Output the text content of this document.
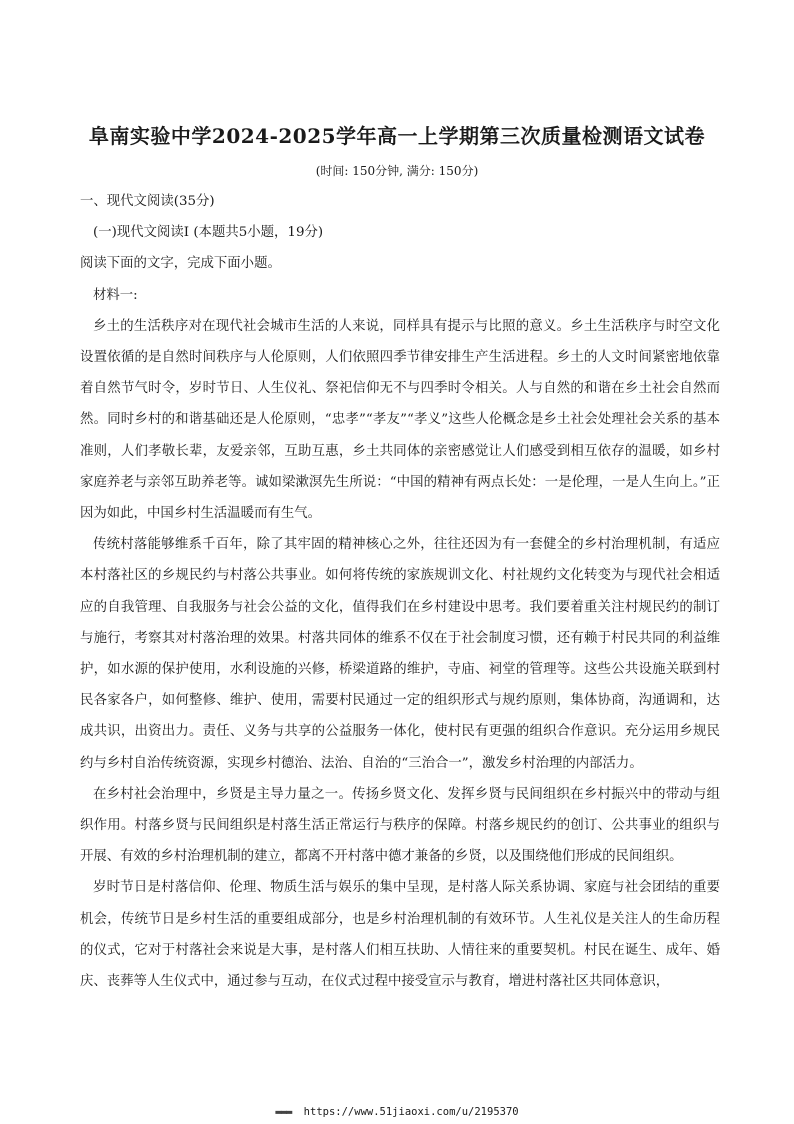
阜南实验中学2024-2025学年高一上学期第三次质量检测语文试卷
(时间: 150分钟, 满分: 150分)

一、现代文阅读(35分)

(一)现代文阅读Ⅰ (本题共5小题，19分)

阅读下面的文字，完成下面小题。

材料一:

乡土的生活秩序对在现代社会城市生活的人来说，同样具有提示与比照的意义。乡土生活秩序与时空文化设置依循的是自然时间秩序与人伦原则，人们依照四季节律安排生产生活进程。乡土的人文时间紧密地依靠着自然节气时令，岁时节日、人生仪礼、祭祀信仰无不与四季时令相关。人与自然的和谐在乡土社会自然而然。同时乡村的和谐基础还是人伦原则，“忠孝”“孝友”“孝义”这些人伦概念是乡土社会处理社会关系的基本准则，人们孝敬长辈，友爱亲邻，互助互惠，乡土共同体的亲密感觉让人们感受到相互依存的温暖，如乡村家庭养老与亲邻互助养老等。诚如梁漱溟先生所说：“中国的精神有两点长处：一是伦理，一是人生向上。”正因为如此，中国乡村生活温暖而有生气。

传统村落能够维系千百年，除了其牢固的精神核心之外，往往还因为有一套健全的乡村治理机制，有适应本村落社区的乡规民约与村落公共事业。如何将传统的家族规训文化、村社规约文化转变为与现代社会相适应的自我管理、自我服务与社会公益的文化，值得我们在乡村建设中思考。我们要着重关注村规民约的制订与施行，考察其对村落治理的效果。村落共同体的维系不仅在于社会制度习惯，还有赖于村民共同的利益维护，如水源的保护使用，水利设施的兴修，桥梁道路的维护，寺庙、祠堂的管理等。这些公共设施关联到村民各家各户，如何整修、维护、使用，需要村民通过一定的组织形式与规约原则，集体协商，沟通调和，达成共识，出资出力。责任、义务与共享的公益服务一体化，使村民有更强的组织合作意识。充分运用乡规民约与乡村自治传统资源，实现乡村德治、法治、自治的“三治合一”，激发乡村治理的内部活力。

在乡村社会治理中，乡贤是主导力量之一。传扬乡贤文化、发挥乡贤与民间组织在乡村振兴中的带动与组织作用。村落乡贤与民间组织是村落生活正常运行与秩序的保障。村落乡规民约的创订、公共事业的组织与开展、有效的乡村治理机制的建立，都离不开村落中德才兼备的乡贤，以及围绕他们形成的民间组织。

岁时节日是村落信仰、伦理、物质生活与娱乐的集中呈现，是村落人际关系协调、家庭与社会团结的重要机会，传统节日是乡村生活的重要组成部分，也是乡村治理机制的有效环节。人生礼仪是关注人的生命历程的仪式，它对于村落社会来说是大事，是村落人们相互扶助、人情往来的重要契机。村民在诞生、成年、婚庆、丧葬等人生仪式中，通过参与互动，在仪式过程中接受宣示与教育，增进村落社区共同体意识，

▬▬▬ https://www.51jiaoxi.com/u/2195370
